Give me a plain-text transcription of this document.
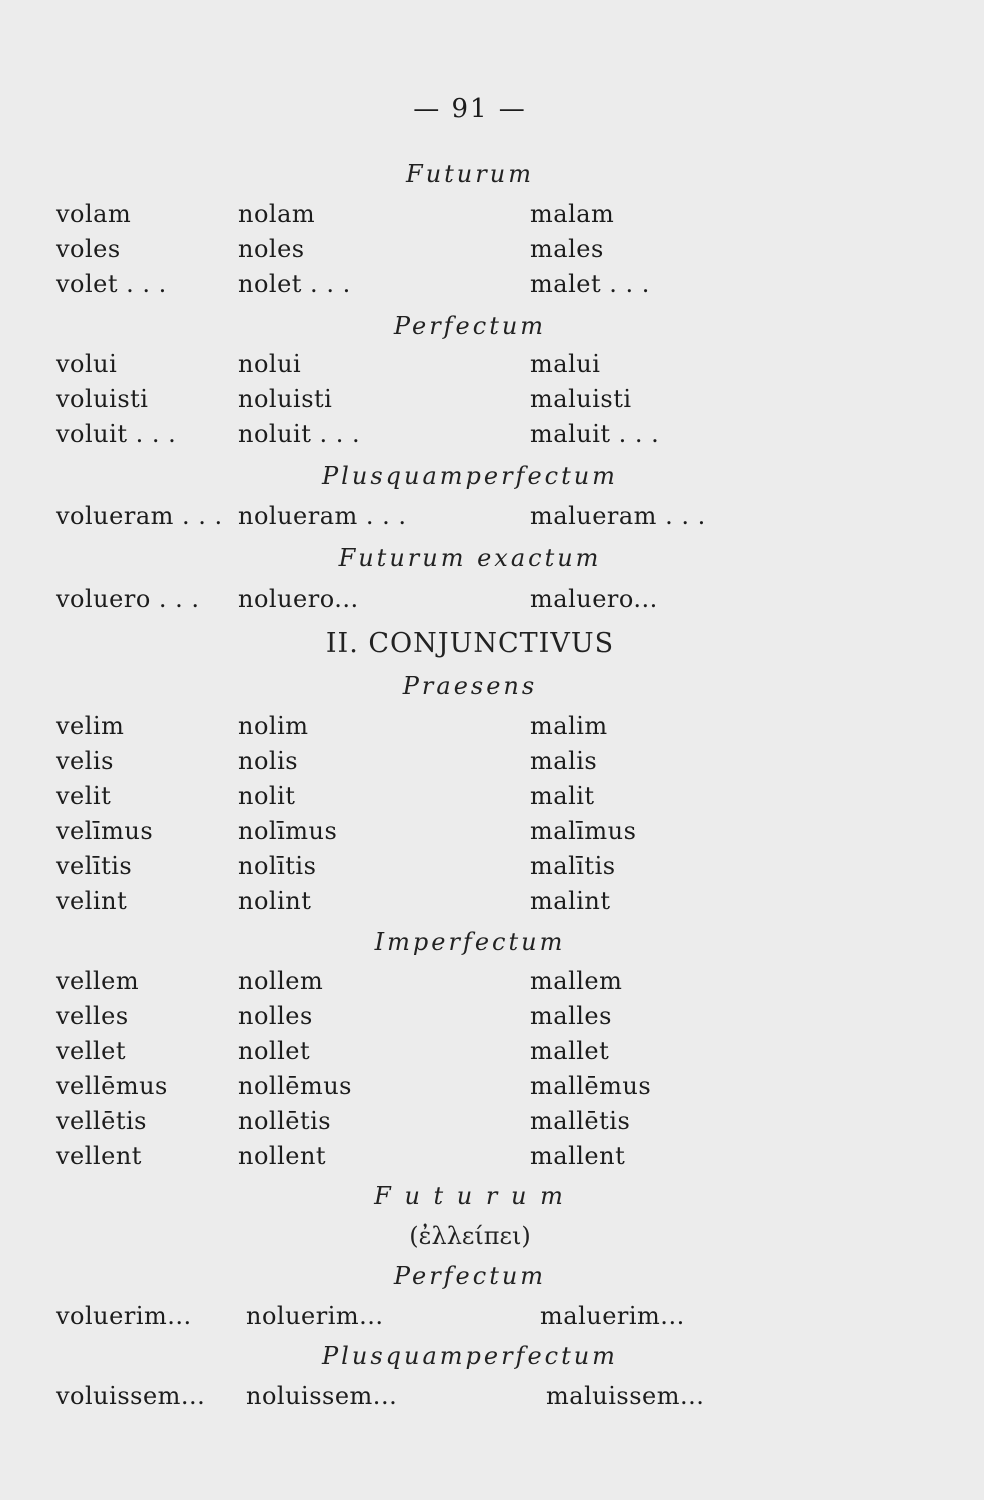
— 91 —
Futurum
volam	nolam	malam
voles	noles	males
volet . . .	nolet . . .	malet . . .
Perfectum
volui	nolui	malui
voluisti	noluisti	maluisti
voluit . . .	noluit . . .	maluit . . .
Plusquamperfectum
volueram . . . nolueram . . .	malueram . . .
Futurum exactum
voluero . . . noluero...	maluero...
II. CONJUNCTIVUS
Praesens
velim	nolim	malim
velis	nolis	malis
velit	nolit	malit
velīmus	nolīmus	malīmus
velītis	nolītis	malītis
velint	nolint	malint
Imperfectum
vellem	nollem	mallem
velles	nolles	malles
vellet	nollet	mallet
vellēmus	nollēmus	mallēmus
vellētis	nollētis	mallētis
vellent	nollent	mallent
F u t u r u m
(ἐλλείπει)
Perfectum
voluerim... noluerim...	maluerim...
Plusquamperfectum
voluissem... noluissem...	maluissem...
